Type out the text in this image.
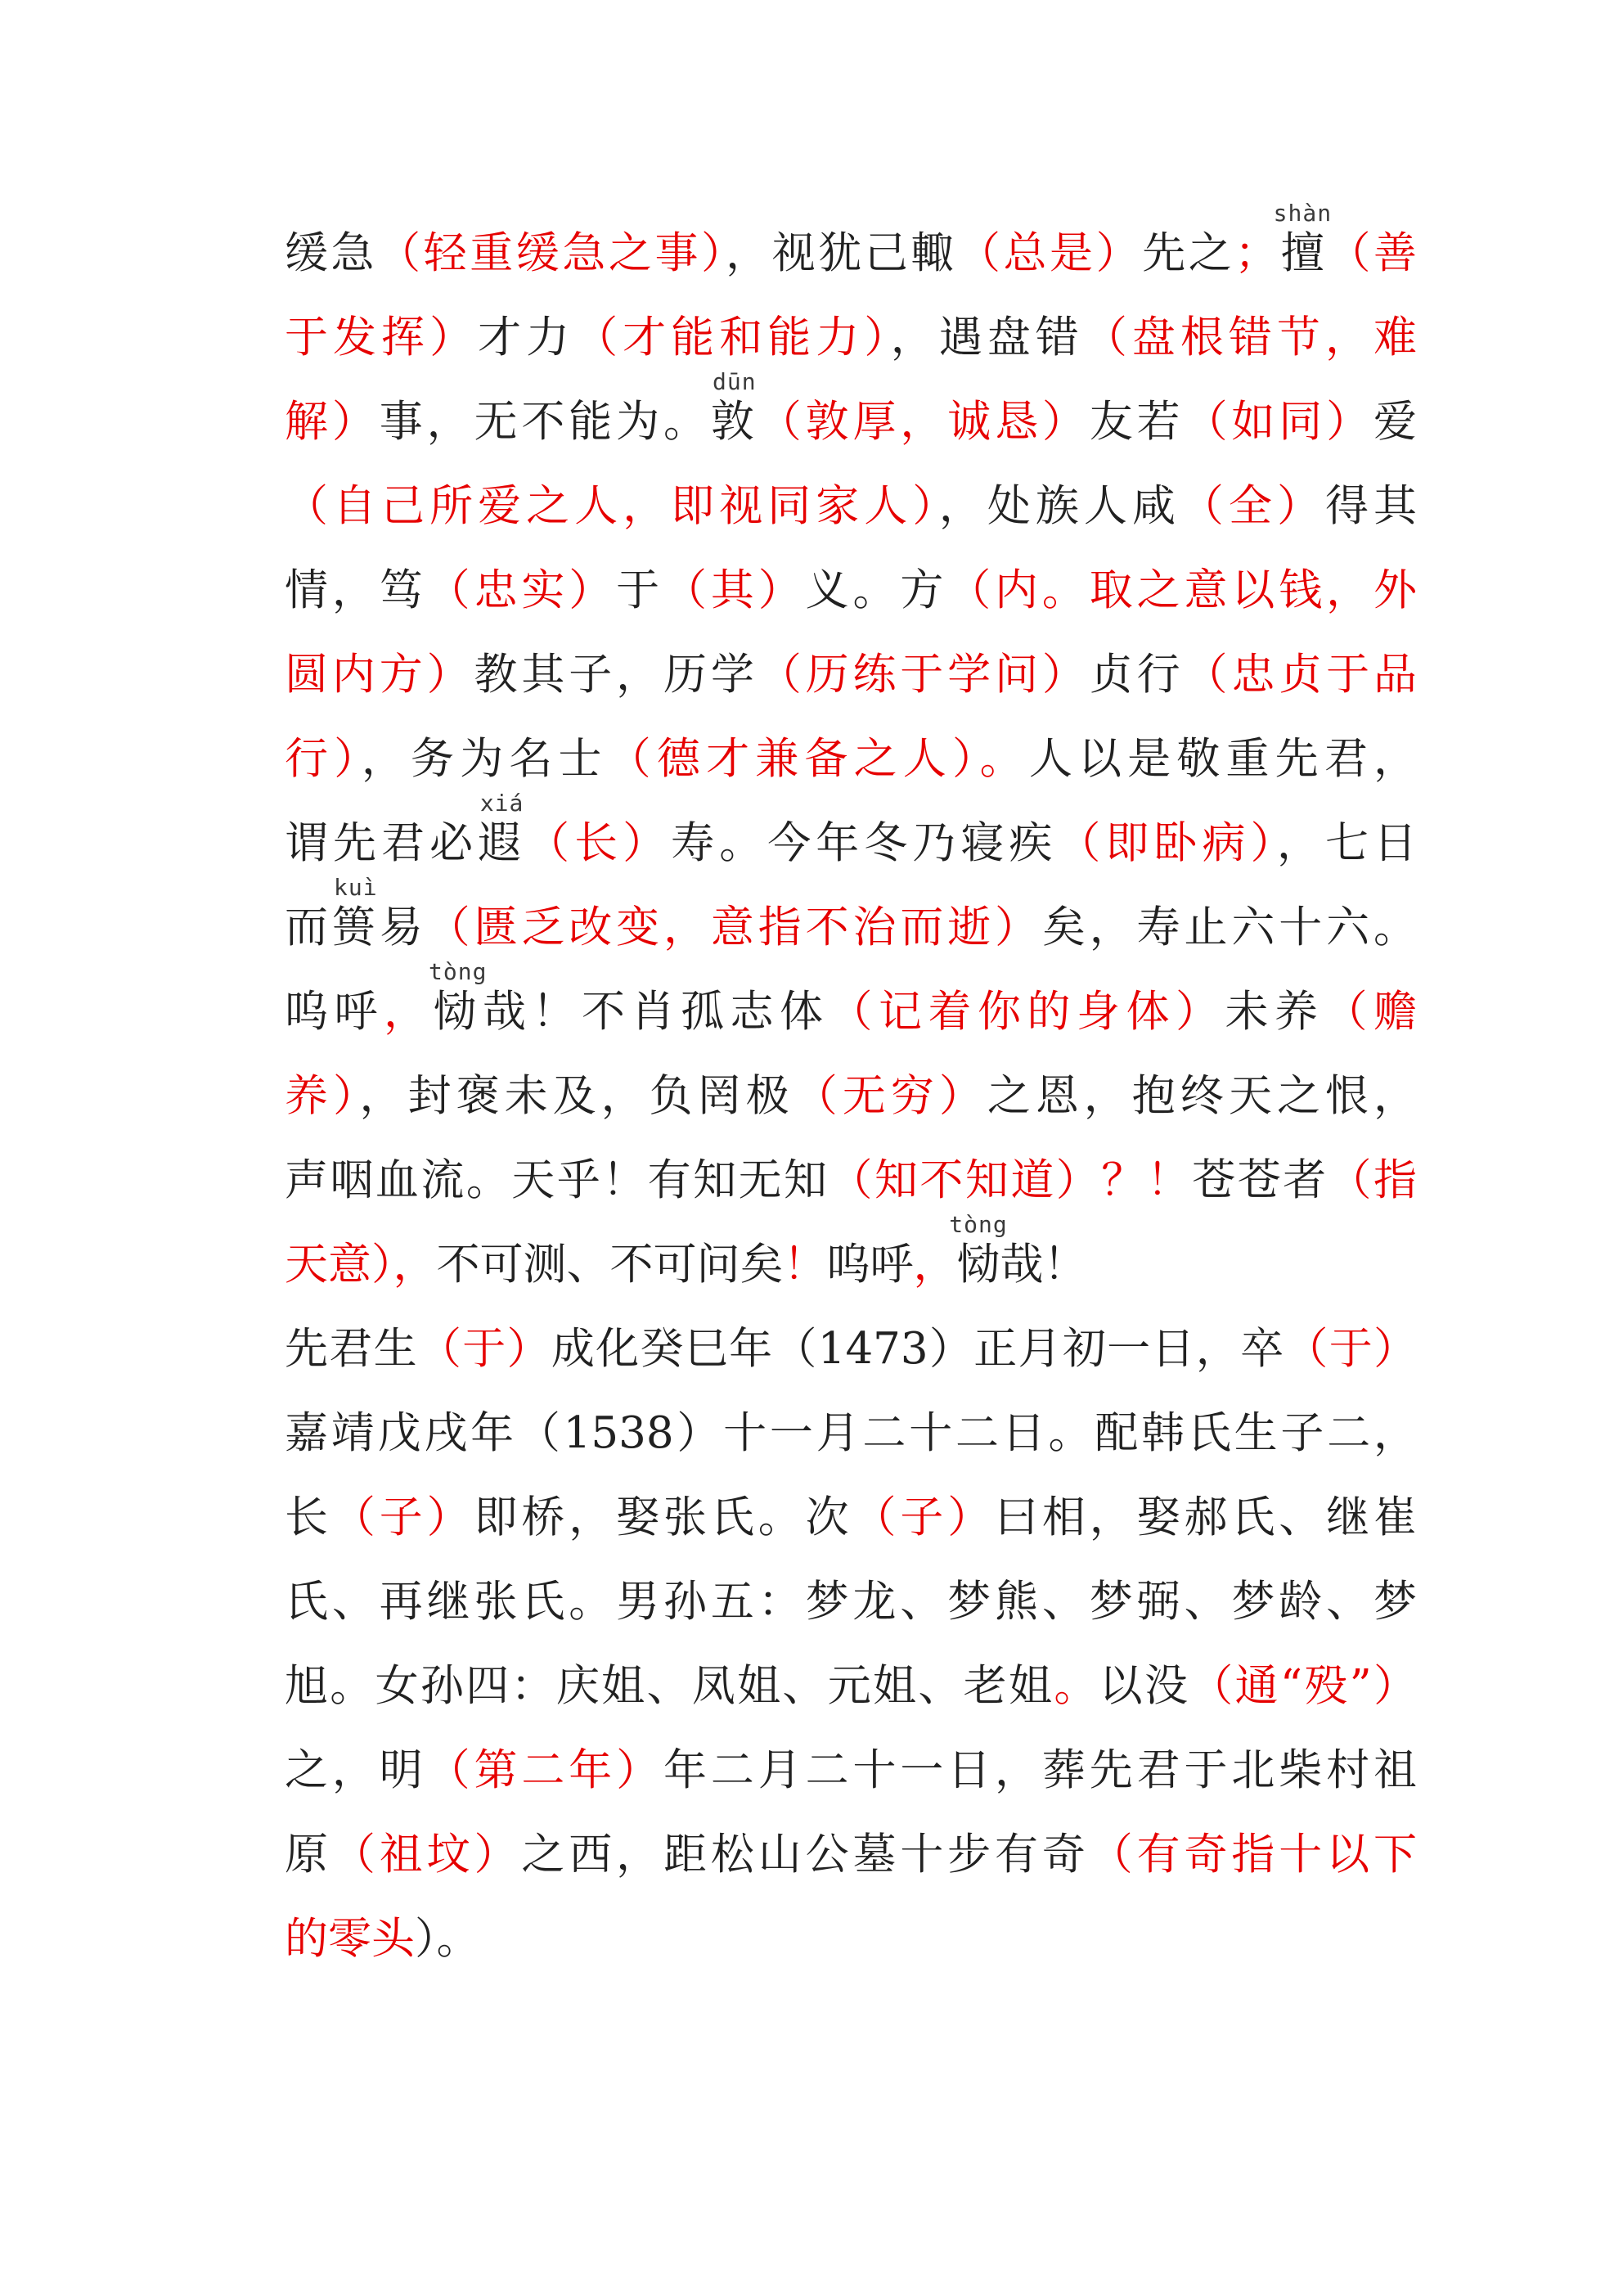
缓急（轻重缓急之事），视犹己輙（总是）先之；擅
shàn
（善
于发挥）才力（才能和能力），遇盘错（盘根错节，难
解）事，无不能为。敦
dūn
（敦厚，诚恳）友若（如同）爱
（自己所爱之人，即视同家人），处族人咸（全）得其
情，笃（忠实）于（其）义。方（内。取之意以钱，外
圆内方）教其子，历学（历练于学问）贞行（忠贞于品
行），务为名士（德才兼备之人）。人以是敬重先君，
谓先君必遐
xiá
（长）寿。今年冬乃寝疾（即卧病），七日
而篑
kuì
易（匮乏改变，意指不治而逝）矣，寿止六十六。
呜呼，恸
tòng
哉！不肖孤志体（记着你的身体）未养（赡
养），封褒未及，负罔极（无穷）之恩，抱终天之恨，
声咽血流。天乎！有知无知（知不知道）？！苍苍者（指
天意），不可测、不可问矣！呜呼，恸
tòng
哉！
先君生（于）成化癸巳年（1473）正月初一日，卒（于）
嘉靖戊戌年（1538）十一月二十二日。配韩氏生子二，
长（子）即桥，娶张氏。次（子）曰相，娶郝氏、继崔
氏、再继张氏。男孙五：梦龙、梦熊、梦弼、梦龄、梦
旭。女孙四：庆姐、凤姐、元姐、老姐。以没（通“殁”）
之，明（第二年）年二月二十一日，葬先君于北柴村祖
原（祖坟）之西，距松山公墓十步有奇（有奇指十以下
的零头）。
